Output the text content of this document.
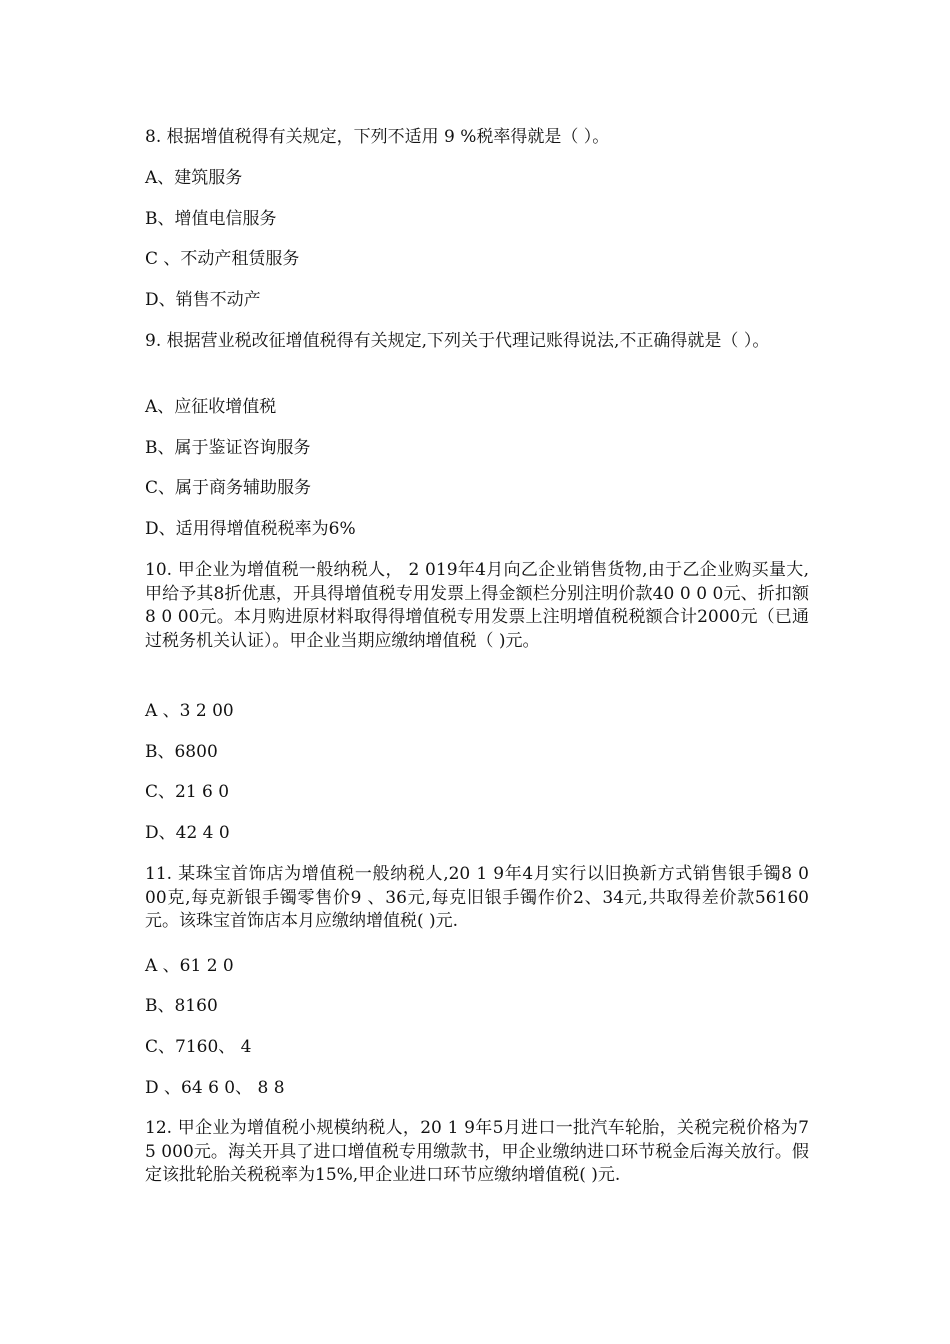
8. 根据增值税得有关规定，下列不适用 9 %税率得就是（ ）。
A、建筑服务
B、增值电信服务
C 、不动产租赁服务
D、销售不动产
9. 根据营业税改征增值税得有关规定,下列关于代理记账得说法,不正确得就是（ ）。
A、应征收增值税
B、属于鉴证咨询服务
C、属于商务辅助服务
D、适用得增值税税率为6%
10. 甲企业为增值税一般纳税人， 2 019年4月向乙企业销售货物,由于乙企业购买量大,甲给予其8折优惠，开具得增值税专用发票上得金额栏分别注明价款40 0 0 0元、折扣额8 0 00元。本月购进原材料取得得增值税专用发票上注明增值税税额合计2000元（已通过税务机关认证）。甲企业当期应缴纳增值税（ )元。
A 、3 2 00
B、6800
C、21 6 0
D、42 4 0
11. 某珠宝首饰店为增值税一般纳税人,20 1 9年4月实行以旧换新方式销售银手镯8 0 00克,每克新银手镯零售价9 、36元,每克旧银手镯作价2、34元,共取得差价款56160元。该珠宝首饰店本月应缴纳增值税( )元.
A 、61 2 0
B、8160
C、7160、 4
D 、64 6 0、 8 8
12. 甲企业为增值税小规模纳税人，20 1 9年5月进口一批汽车轮胎，关税完税价格为7 5 000元。海关开具了进口增值税专用缴款书，甲企业缴纳进口环节税金后海关放行。假定该批轮胎关税税率为15%,甲企业进口环节应缴纳增值税( )元.
